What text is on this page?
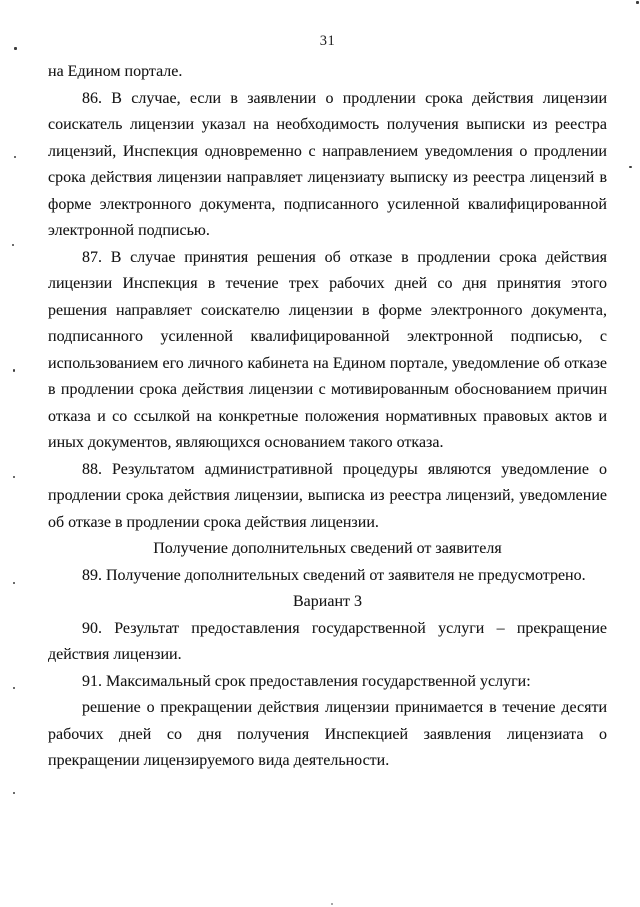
31

на Едином портале.

86. В случае, если в заявлении о продлении срока действия лицензии соискатель лицензии указал на необходимость получения выписки из реестра лицензий, Инспекция одновременно с направлением уведомления о продлении срока действия лицензии направляет лицензиату выписку из реестра лицензий в форме электронного документа, подписанного усиленной квалифицированной электронной подписью.

87. В случае принятия решения об отказе в продлении срока действия лицензии Инспекция в течение трех рабочих дней со дня принятия этого решения направляет соискателю лицензии в форме электронного документа, подписанного усиленной квалифицированной электронной подписью, с использованием его личного кабинета на Едином портале, уведомление об отказе в продлении срока действия лицензии с мотивированным обоснованием причин отказа и со ссылкой на конкретные положения нормативных правовых актов и иных документов, являющихся основанием такого отказа.

88. Результатом административной процедуры являются уведомление о продлении срока действия лицензии, выписка из реестра лицензий, уведомление об отказе в продлении срока действия лицензии.

Получение дополнительных сведений от заявителя

89. Получение дополнительных сведений от заявителя не предусмотрено.

Вариант 3

90. Результат предоставления государственной услуги – прекращение действия лицензии.

91. Максимальный срок предоставления государственной услуги:

решение о прекращении действия лицензии принимается в течение десяти рабочих дней со дня получения Инспекцией заявления лицензиата о прекращении лицензируемого вида деятельности.
